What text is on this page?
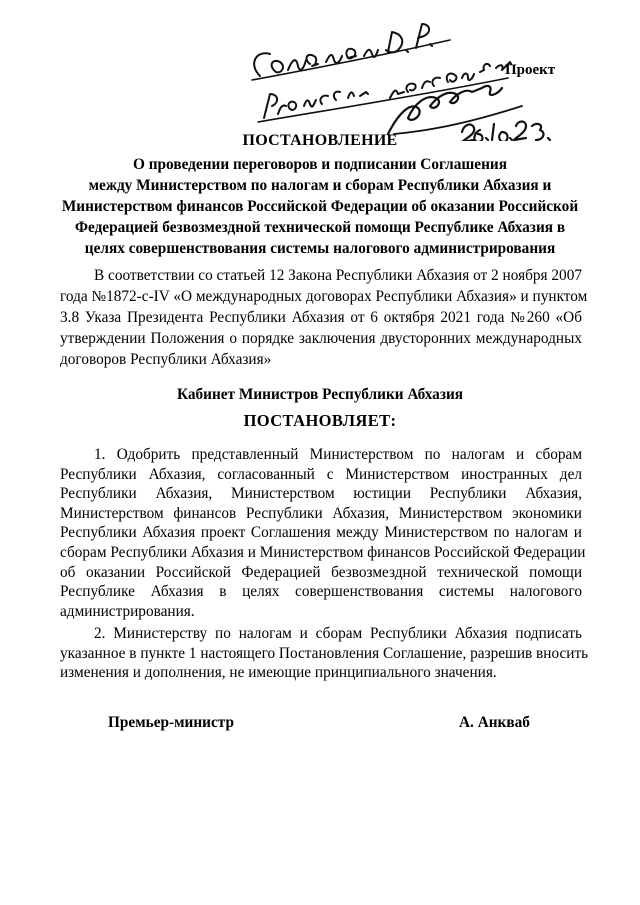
Проект
ПОСТАНОВЛЕНИЕ
О проведении переговоров и подписании Соглашения
между Министерством по налогам и сборам Республики Абхазия и
Министерством финансов Российской Федерации об оказании Российской
Федерацией безвозмездной технической помощи Республике Абхазия в
целях совершенствования системы налогового администрирования
В соответствии со статьей 12 Закона Республики Абхазия от 2 ноября 2007
года №1872-с-IV «О международных договорах Республики Абхазия» и пунктом
3.8 Указа Президента Республики Абхазия от 6 октября 2021 года №260 «Об
утверждении Положения о порядке заключения двусторонних международных
договоров Республики Абхазия»
Кабинет Министров Республики Абхазия
ПОСТАНОВЛЯЕТ:
1. Одобрить представленный Министерством по налогам и сборам
Республики Абхазия, согласованный с Министерством иностранных дел
Республики Абхазия, Министерством юстиции Республики Абхазия,
Министерством финансов Республики Абхазия, Министерством экономики
Республики Абхазия проект Соглашения между Министерством по налогам и
сборам Республики Абхазия и Министерством финансов Российской Федерации
об оказании Российской Федерацией безвозмездной технической помощи
Республике Абхазия в целях совершенствования системы налогового
администрирования.
2. Министерству по налогам и сборам Республики Абхазия подписать
указанное в пункте 1 настоящего Постановления Соглашение, разрешив вносить
изменения и дополнения, не имеющие принципиального значения.
Премьер-министр	А. Анкваб
